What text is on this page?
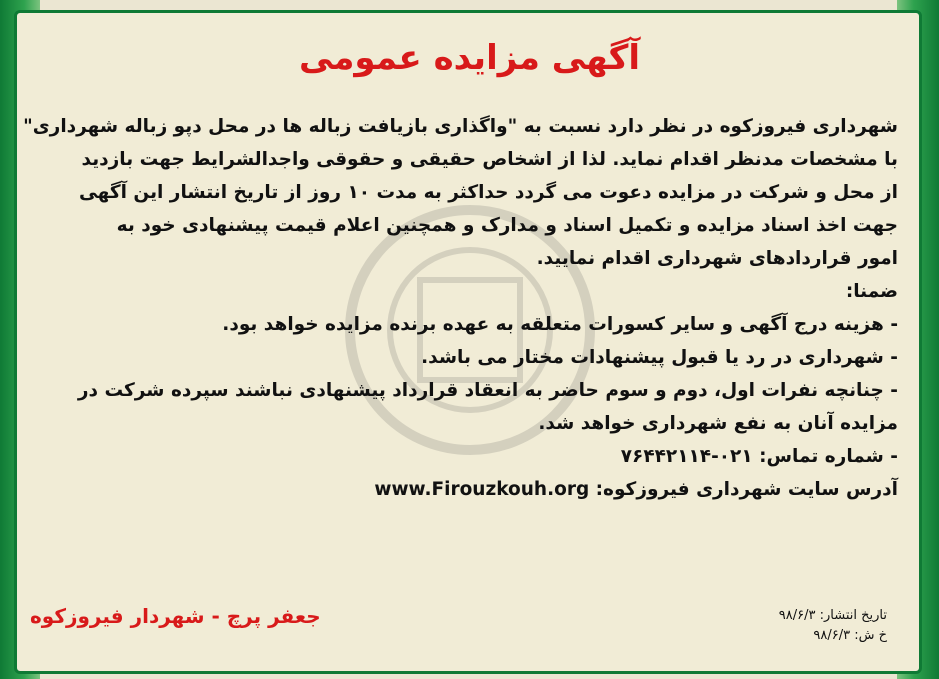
آگهی مزایده عمومی
شهرداری فیروزکوه در نظر دارد نسبت به "واگذاری بازیافت زباله ها در محل دپو زباله شهرداری"
با مشخصات مدنظر اقدام نماید. لذا از اشخاص حقیقی و حقوقی واجدالشرایط جهت بازدید
از محل و شرکت در مزایده دعوت می گردد حداکثر به مدت ۱۰ روز از تاریخ انتشار این آگهی
جهت اخذ اسناد مزایده و تکمیل اسناد و مدارک و همچنین اعلام قیمت پیشنهادی خود به
امور قراردادهای شهرداری اقدام نمایید.
ضمنا:
- هزینه درج آگهی و سایر کسورات متعلقه به عهده برنده مزایده خواهد بود.
- شهرداری در رد یا قبول پیشنهادات مختار می باشد.
- چنانچه نفرات اول، دوم و سوم حاضر به انعقاد قرارداد پیشنهادی نباشند سپرده شرکت در
مزایده آنان به نفع شهرداری خواهد شد.
- شماره تماس: ۰۲۱-۷۶۴۴۲۱۱۴
آدرس سایت شهرداری فیروزکوه: www.Firouzkouh.org
جعفر پرچ - شهردار فیروزکوه	تاریخ انتشار: ۹۸/۶/۳
خ ش: ۹۸/۶/۳
